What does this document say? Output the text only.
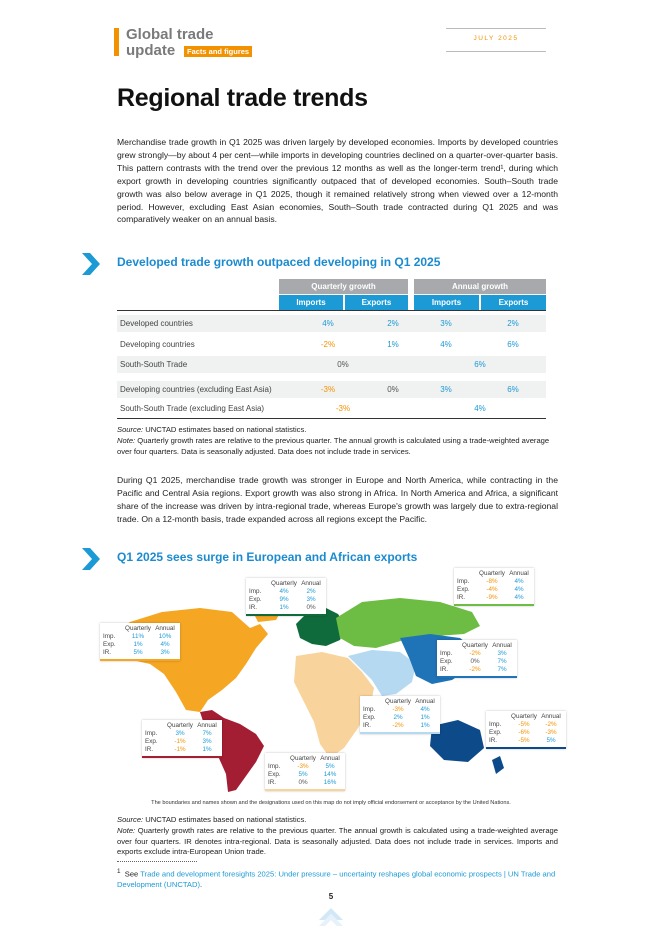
Global trade
update	Facts and figures
JULY 2025
Regional trade trends
Merchandise trade growth in Q1 2025 was driven largely by developed economies. Imports by developed countries grew strongly—by about 4 per cent—while imports in developing countries declined on a quarter-over-quarter basis. This pattern contrasts with the trend over the previous 12 months as well as the longer-term trend¹, during which export growth in developing countries significantly outpaced that of developed economies. South–South trade growth was also below average in Q1 2025, though it remained relatively strong when viewed over a 12-month period. However, excluding East Asian economies, South–South trade contracted during Q1 2025 and was comparatively weaker on an annual basis.
Developed trade growth outpaced developing in Q1 2025
Quarterly growth	Annual growth
Imports	Exports	Imports	Exports
Developed countries	4%	2%	3%	2%
Developing countries	-2%	1%	4%	6%
South-South Trade	0%	6%
Developing countries (excluding East Asia)	-3%	0%	3%	6%
South-South Trade (excluding East Asia)	-3%	4%
Source: UNCTAD estimates based on national statistics.
Note: Quarterly growth rates are relative to the previous quarter. The annual growth is calculated using a trade-weighted average over four quarters. Data is seasonally adjusted. Data does not include trade in services.
During Q1 2025, merchandise trade growth was stronger in Europe and North America, while contracting in the Pacific and Central Asia regions. Export growth was also strong in Africa. In North America and Africa, a significant share of the increase was driven by intra-regional trade, whereas Europe's growth was largely due to extra-regional trade. On a 12-month basis, trade expanded across all regions except the Pacific.
Q1 2025 sees surge in European and African exports
Quarterly Annual
Imp.	11%	10%
Exp.	1%	4%
IR.	5%	3%
Quarterly Annual
Imp.	4%	2%
Exp.	9%	3%
IR.	1%	0%
Quarterly Annual
Imp.	-8%	4%
Exp.	-4%	4%
IR.	-9%	4%
Quarterly Annual
Imp.	-2%	3%
Exp.	0%	7%
IR.	-2%	7%
Quarterly Annual
Imp.	-3%	4%
Exp.	2%	1%
IR.	-2%	1%
Quarterly Annual
Imp.	-5%	-2%
Exp.	-6%	-3%
IR.	-5%	5%
Quarterly Annual
Imp.	3%	7%
Exp.	-1%	3%
IR.	-1%	1%
Quarterly Annual
Imp.	-3%	5%
Exp.	5%	14%
IR.	0%	16%
The boundaries and names shown and the designations used on this map do not imply official endorsement or acceptance by the United Nations.
Source: UNCTAD estimates based on national statistics.
Note: Quarterly growth rates are relative to the previous quarter. The annual growth is calculated using a trade-weighted average over four quarters. IR denotes intra-regional. Data is seasonally adjusted. Data does not include trade in services. Imports and exports exclude intra-European Union trade.
$^1$ See Trade and development foresights 2025: Under pressure – uncertainty reshapes global economic prospects | UN Trade and Development (UNCTAD).
5
